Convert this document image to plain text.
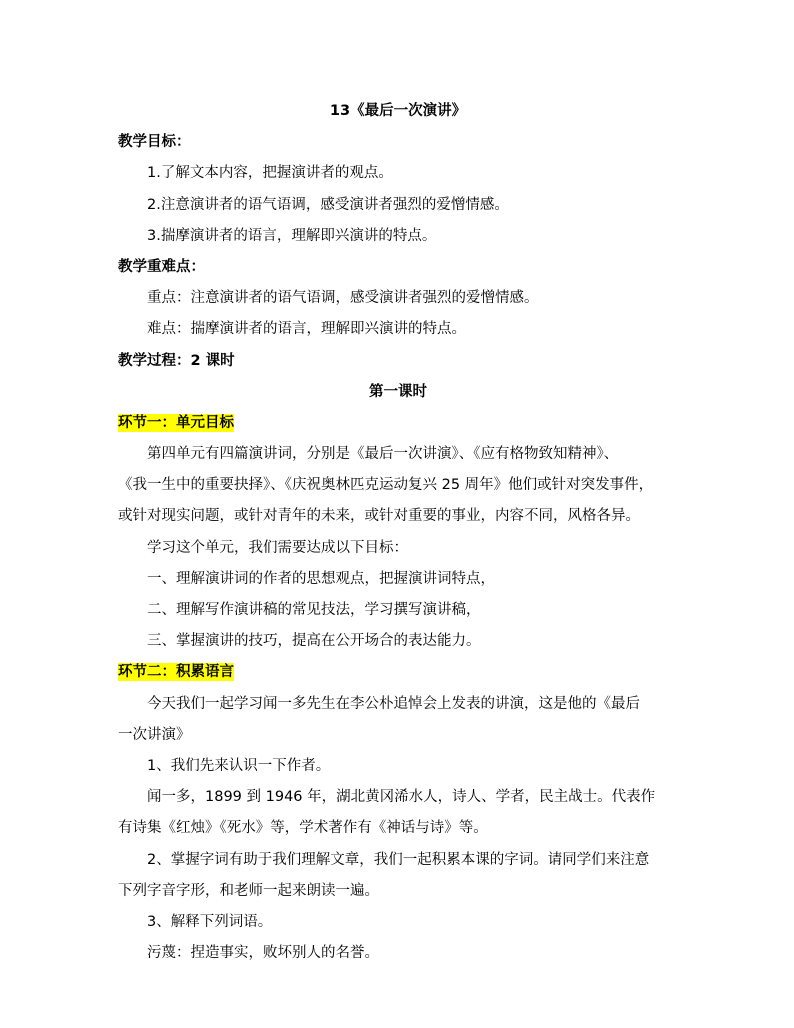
13《最后一次演讲》
教学目标：
1.了解文本内容，把握演讲者的观点。
2.注意演讲者的语气语调，感受演讲者强烈的爱憎情感。
3.揣摩演讲者的语言，理解即兴演讲的特点。
教学重难点：
重点：注意演讲者的语气语调，感受演讲者强烈的爱憎情感。
难点：揣摩演讲者的语言，理解即兴演讲的特点。
教学过程：2 课时
第一课时
环节一：单元目标
第四单元有四篇演讲词，分别是《最后一次讲演》、《应有格物致知精神》、
《我一生中的重要抉择》、《庆祝奥林匹克运动复兴 25 周年》他们或针对突发事件，
或针对现实问题，或针对青年的未来，或针对重要的事业，内容不同，风格各异。
学习这个单元，我们需要达成以下目标：
一、理解演讲词的作者的思想观点，把握演讲词特点，
二、理解写作演讲稿的常见技法，学习撰写演讲稿，
三、掌握演讲的技巧，提高在公开场合的表达能力。
环节二：积累语言
今天我们一起学习闻一多先生在李公朴追悼会上发表的讲演，这是他的《最后
一次讲演》
1、我们先来认识一下作者。
闻一多，1899 到 1946 年，湖北黄冈浠水人，诗人、学者，民主战士。代表作
有诗集《红烛》《死水》等，学术著作有《神话与诗》等。
2、掌握字词有助于我们理解文章，我们一起积累本课的字词。请同学们来注意
下列字音字形，和老师一起来朗读一遍。
3、解释下列词语。
污蔑：捏造事实，败坏别人的名誉。
